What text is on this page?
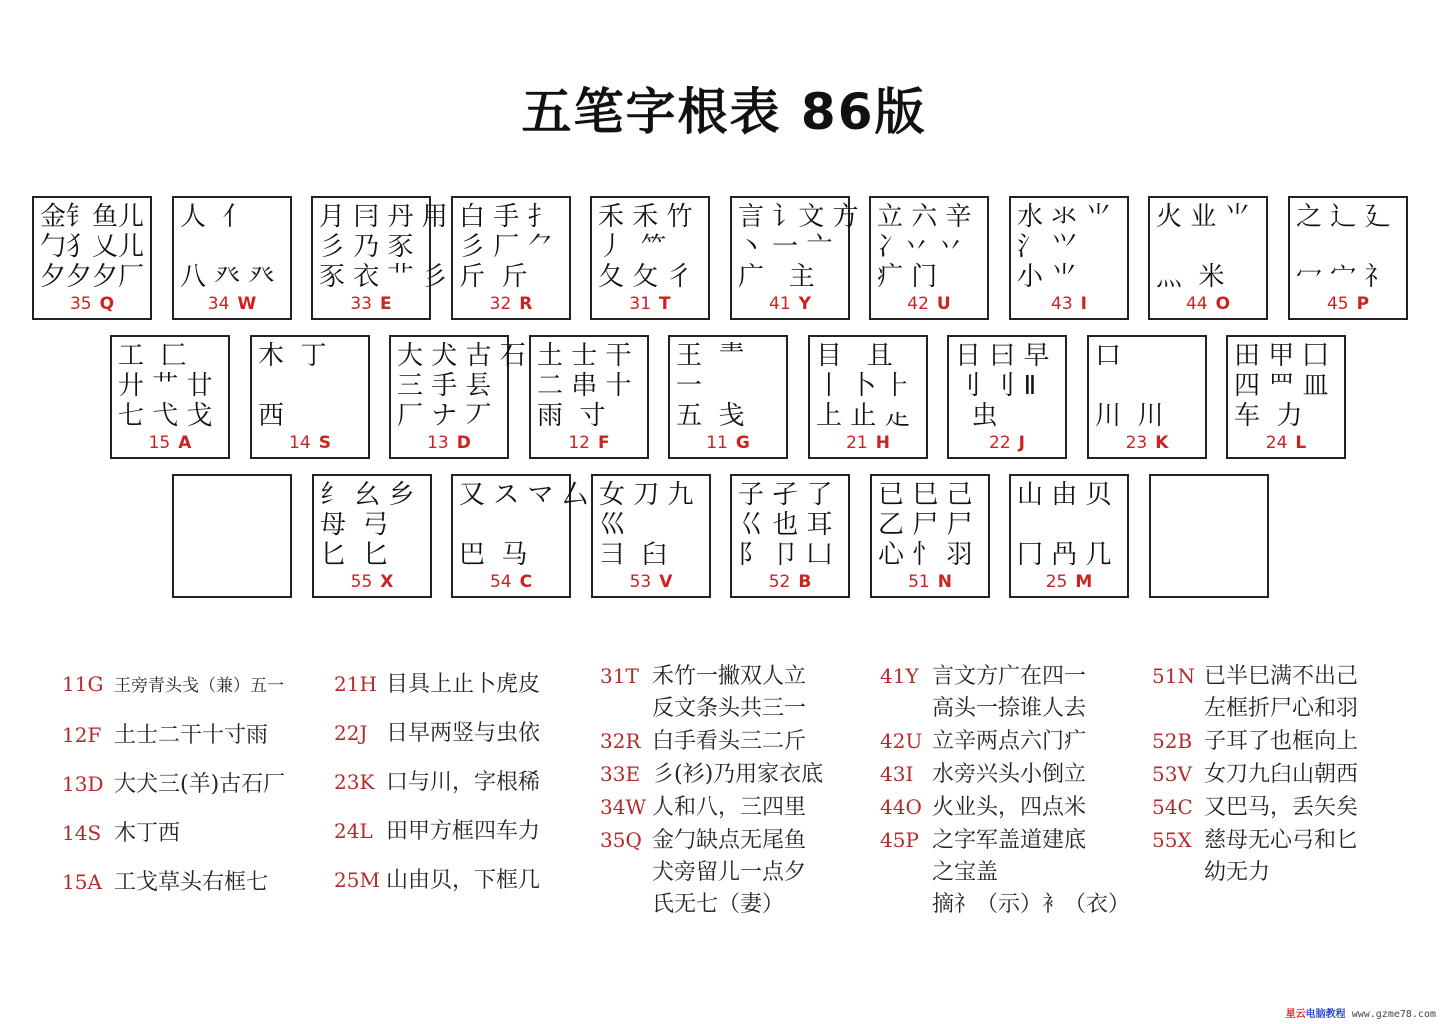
五笔字根表 86版
金钅鱼儿
勹犭乂儿
夕夕夕厂
35 Q
人  亻

八 癶 癶
34 W
月 冃 丹 用
彡 乃 豕
豕 衣 ⻀ 彡
33 E
白 手 扌
彡 厂 ⺈
斤  斤
32 R
禾 禾 竹
丿  ⺮
夂 攵 彳
31 T
言 讠文 方
丶 一 亠
广   主
41 Y
立 六 辛
冫丷 丷
疒 门
42 U
水 氺 ⺌
氵 ⺍
小 ⺌
43 I
火 业 ⺌

灬  米
44 O
之 辶 廴

冖 宀 礻
45 P
工  匚
廾 艹 廿
七 弋 戈
15 A
木  丁

西
14 S
大 犬 古 石
三 手 镸
厂 ナ 丆
13 D
土 士 干
二 串 十
雨  寸
12 F
王  龶
一
五  戋
11 G
目   且
丨 卜 ⺊
上 止 龰
21 H
日 曰 早
刂 刂 Ⅱ
虫
22 J
口

川  川
23 K
田 甲 囗
四 罒 皿
车  力
24 L
纟 幺 乡
母  弓
匕  匕
55 X
又 ス マ 厶

巴  马
54 C
女 刀 九
巛
彐  臼
53 V
子 孑 了
巜 也 耳
阝 卩 凵
52 B
已 巳 己
乙 尸 尸
心 忄 羽
51 N
山 由 贝

冂 冎 几
25 M
11G 王旁青头戋（兼）五一
12F 土士二干十寸雨
13D 大犬三(羊)古石厂
14S 木丁西
15A 工戈草头右框七
21H 目具上止卜虎皮
22J 日早两竖与虫依
23K 口与川，字根稀
24L 田甲方框四车力
25M 山由贝，下框几
31T 禾竹一撇双人立
反文条头共三一
32R 白手看头三二斤
33E 彡(衫)乃用家衣底
34W 人和八，三四里
35Q 金勹缺点无尾鱼
犬旁留儿一点夕
氏无七（妻）
41Y 言文方广在四一
高头一捺谁人去
42U 立辛两点六门疒
43I 水旁兴头小倒立
44O 火业头，四点米
45P 之字军盖道建底
之宝盖
摘礻（示）衤（衣）
51N 已半巳满不出己
左框折尸心和羽
52B 子耳了也框向上
53V 女刀九臼山朝西
54C 又巴马，丢矢矣
55X 慈母无心弓和匕
幼无力
星云电脑教程 www.gzme78.com
